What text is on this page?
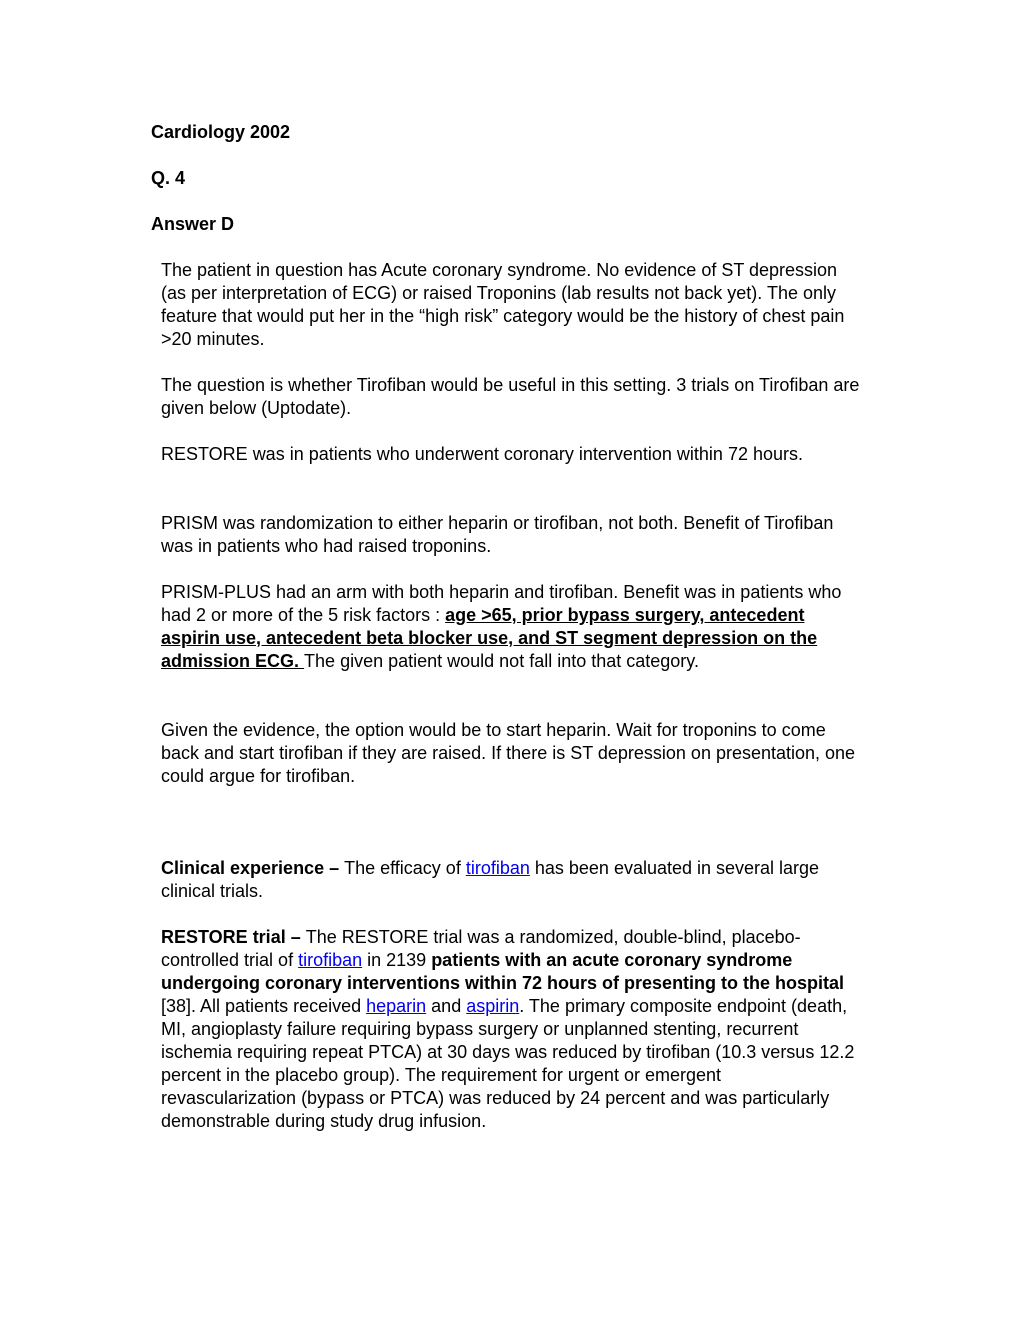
Cardiology 2002
Q. 4
Answer D

The patient in question has Acute coronary syndrome. No evidence of ST depression (as per interpretation of ECG) or raised Troponins (lab results not back yet). The only feature that would put her in the “high risk” category would be the history of chest pain >20 minutes.

The question is whether Tirofiban would be useful in this setting. 3 trials on Tirofiban are given below (Uptodate).

RESTORE was in patients who underwent coronary intervention within 72 hours.

PRISM was randomization to either heparin or tirofiban, not both. Benefit of Tirofiban was in patients who had raised troponins.

PRISM-PLUS had an arm with both heparin and tirofiban. Benefit was in patients who had 2 or more of the 5 risk factors : age >65, prior bypass surgery, antecedent aspirin use, antecedent beta blocker use, and ST segment depression on the admission ECG. The given patient would not fall into that category.

Given the evidence, the option would be to start heparin. Wait for troponins to come back and start tirofiban if they are raised. If there is ST depression on presentation, one could argue for tirofiban.

Clinical experience – The efficacy of tirofiban has been evaluated in several large clinical trials.

RESTORE trial – The RESTORE trial was a randomized, double-blind, placebo-controlled trial of tirofiban in 2139 patients with an acute coronary syndrome undergoing coronary interventions within 72 hours of presenting to the hospital [38]. All patients received heparin and aspirin. The primary composite endpoint (death, MI, angioplasty failure requiring bypass surgery or unplanned stenting, recurrent ischemia requiring repeat PTCA) at 30 days was reduced by tirofiban (10.3 versus 12.2 percent in the placebo group). The requirement for urgent or emergent revascularization (bypass or PTCA) was reduced by 24 percent and was particularly demonstrable during study drug infusion.
